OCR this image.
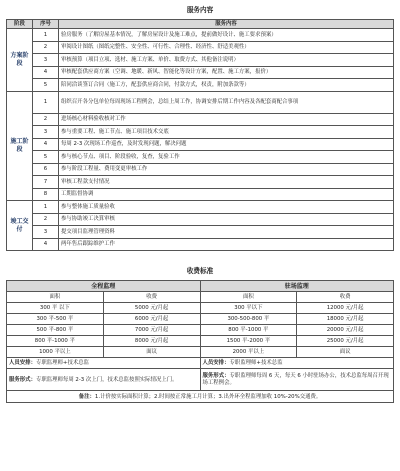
服务内容
阶段	序号	服务内容
方案阶段	1	验房服务（了解房屋基本情况，了解房屋设计及施工难点，提前做好设计、施工要求预案）
	2	审阅设计图纸（图纸完整性、安全性、可行性、合理性、经济性、舒适美观性）
	3	审核预算（项目立项、选材、施工方案、单价、取费方式、其他备注说明）
	4	审核配套供应商方案（空调、地暖、新风、智能化等设计方案，配置、施工方案，报价）
	5	陪同洽谈签订合同（施工方，配套供应商合同，付款方式，权责，附加条款等）
施工阶段	1	组织召开各分包单位每周现场工程例会，总结上周工作，协调安排后期工作内容及各配套商配合事项
	2	进场核心材料验收核对工作
	3	参与重要工程、施工节点、施工项目技术交底
	4	每周 2-3 次现场工作巡查，及时发现问题，解决问题
	5	参与核心节点、项目、阶段验收，复查，复验工作
	6	参与阶段工程量、费用变更审核工作
	7	审核工程款支付情况
	8	工期监督协调
竣工交付	1	参与整体施工质量验收
	2	参与协助竣工决算审核
	3	提交项目监理管理资料
	4	两年售后跟踪维护工作
收费标准
全程监理		驻场监理	
面积	收费	面积	收费
300 平 以下	5000 元/月起	300 平以下	12000 元/月起
300 平-500 平	6000 元/月起	300-500-800 平	18000 元/月起
500 平-800 平	7000 元/月起	800 平-1000 平	20000 元/月起
800 平-1000 平	8000 元/月起	1500 平-2000 平	25000 元/月起
1000 平以上	面议	2000 平以上	面议
人员安排：专职监理师+技术总监		人员安排：专职监理师+技术总监	
服务形式：专职监理师每周 2-3 次上门，技术总监按照实际情况上门。		服务形式：专职监理师每周 6 天，每天 6 小时驻场办公，技术总监每周召开现场工程例会。	
备注：1.计价按实际面积计算；2.时间按正常施工月计算；3.出外环全程监理加收 10%-20%交通费。			
